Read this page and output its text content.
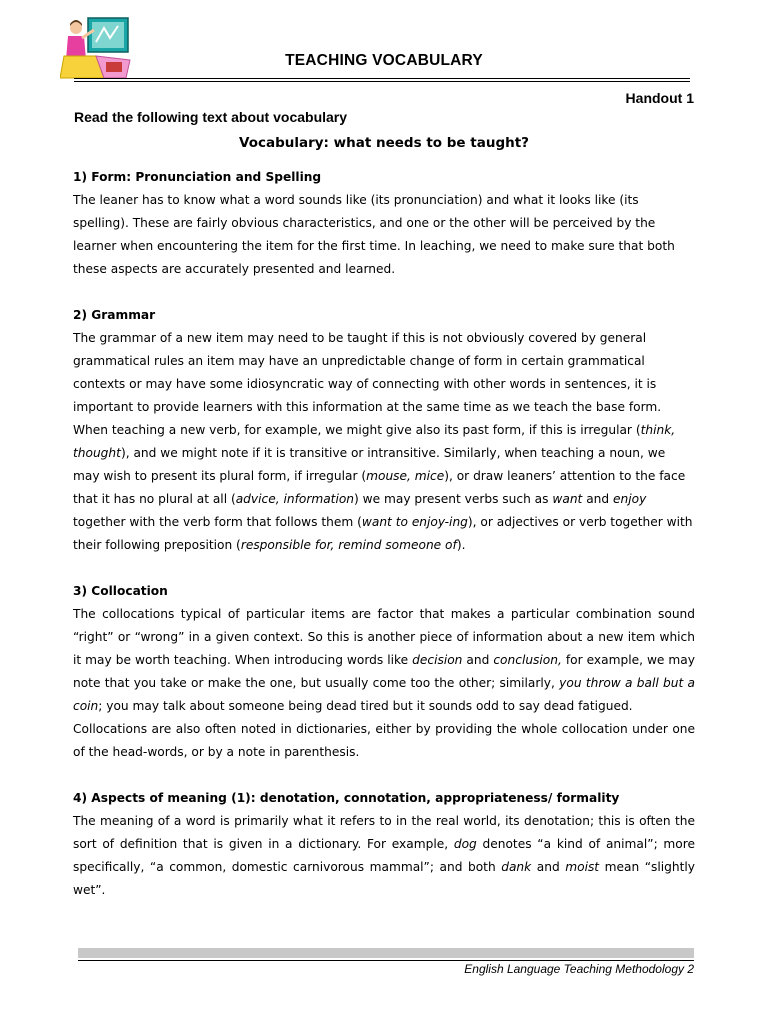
TEACHING VOCABULARY
Handout 1
Read the following text about vocabulary
Vocabulary: what needs to be taught?
1) Form: Pronunciation and Spelling

The leaner has to know what a word sounds like (its pronunciation) and what it looks like (its spelling). These are fairly obvious characteristics, and one or the other will be perceived by the learner when encountering the item for the first time. In leaching, we need to make sure that both these aspects are accurately presented and learned.

2) Grammar

The grammar of a new item may need to be taught if this is not obviously covered by general grammatical rules an item may have an unpredictable change of form in certain grammatical contexts or may have some idiosyncratic way of connecting with other words in sentences, it is important to provide learners with this information at the same time as we teach the base form. When teaching a new verb, for example, we might give also its past form, if this is irregular (think, thought), and we might note if it is transitive or intransitive. Similarly, when teaching a noun, we may wish to present its plural form, if irregular (mouse, mice), or draw leaners’ attention to the face that it has no plural at all (advice, information) we may present verbs such as want and enjoy together with the verb form that follows them (want to enjoy-ing), or adjectives or verb together with their following preposition (responsible for, remind someone of).

3) Collocation

The collocations typical of particular items are factor that makes a particular combination sound “right” or “wrong” in a given context. So this is another piece of information about a new item which it may be worth teaching. When introducing words like decision and conclusion, for example, we may note that you take or make the one, but usually come too the other; similarly, you throw a ball but a coin; you may talk about someone being dead tired but it sounds odd to say dead fatigued.

Collocations are also often noted in dictionaries, either by providing the whole collocation under one of the head-words, or by a note in parenthesis.

4) Aspects of meaning (1): denotation, connotation, appropriateness/ formality

The meaning of a word is primarily what it refers to in the real world, its denotation; this is often the sort of definition that is given in a dictionary. For example, dog denotes “a kind of animal”; more specifically, “a common, domestic carnivorous mammal”; and both dank and moist mean “slightly wet”.

English Language Teaching Methodology 2
